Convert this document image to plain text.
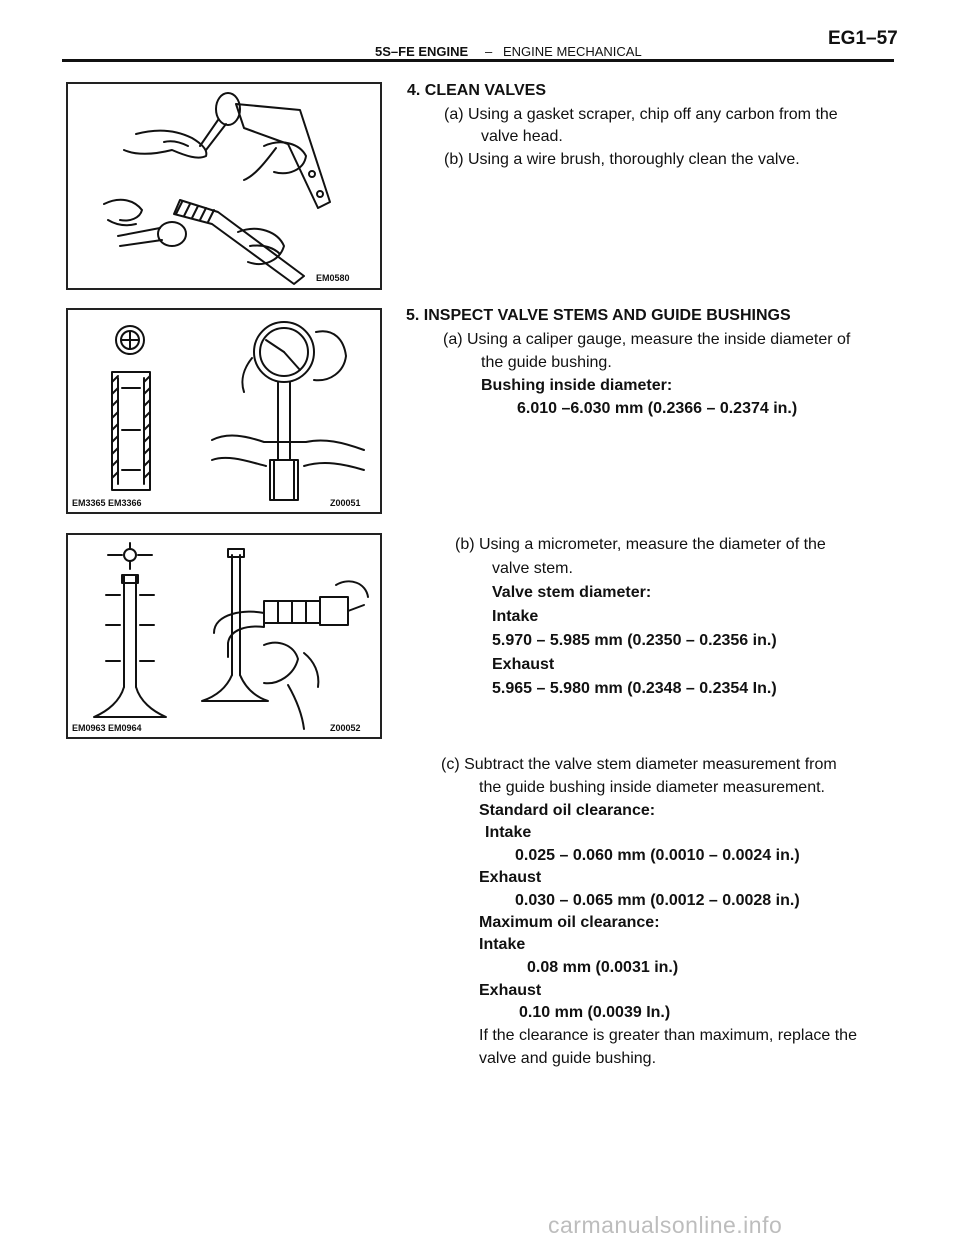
5S–FE ENGINE – ENGINE MECHANICAL
EG1–57
EM0580
EM3365 EM3366	Z00051
EM0963 EM0964	Z00052
4. CLEAN VALVES
(a) Using a gasket scraper, chip off any carbon from the
valve head.
(b) Using a wire brush, thoroughly clean the valve.
5. INSPECT VALVE STEMS AND GUIDE BUSHINGS
(a) Using a caliper gauge, measure the inside diameter of
the guide bushing.
Bushing inside diameter:
6.010 –6.030 mm (0.2366 – 0.2374 in.)
(b) Using a micrometer, measure the diameter of the
valve stem.
Valve stem diameter:
Intake
5.970 – 5.985 mm (0.2350 – 0.2356 in.)
Exhaust
5.965 – 5.980 mm (0.2348 – 0.2354 In.)
(c) Subtract the valve stem diameter measurement from
the guide bushing inside diameter measurement.
Standard oil clearance:
Intake
0.025 – 0.060 mm (0.0010 – 0.0024 in.)
Exhaust
0.030 – 0.065 mm (0.0012 – 0.0028 in.)
Maximum oil clearance:
Intake
0.08 mm (0.0031 in.)
Exhaust
0.10 mm (0.0039 In.)
If the clearance is greater than maximum, replace the
valve and guide bushing.
carmanualsonline.info
